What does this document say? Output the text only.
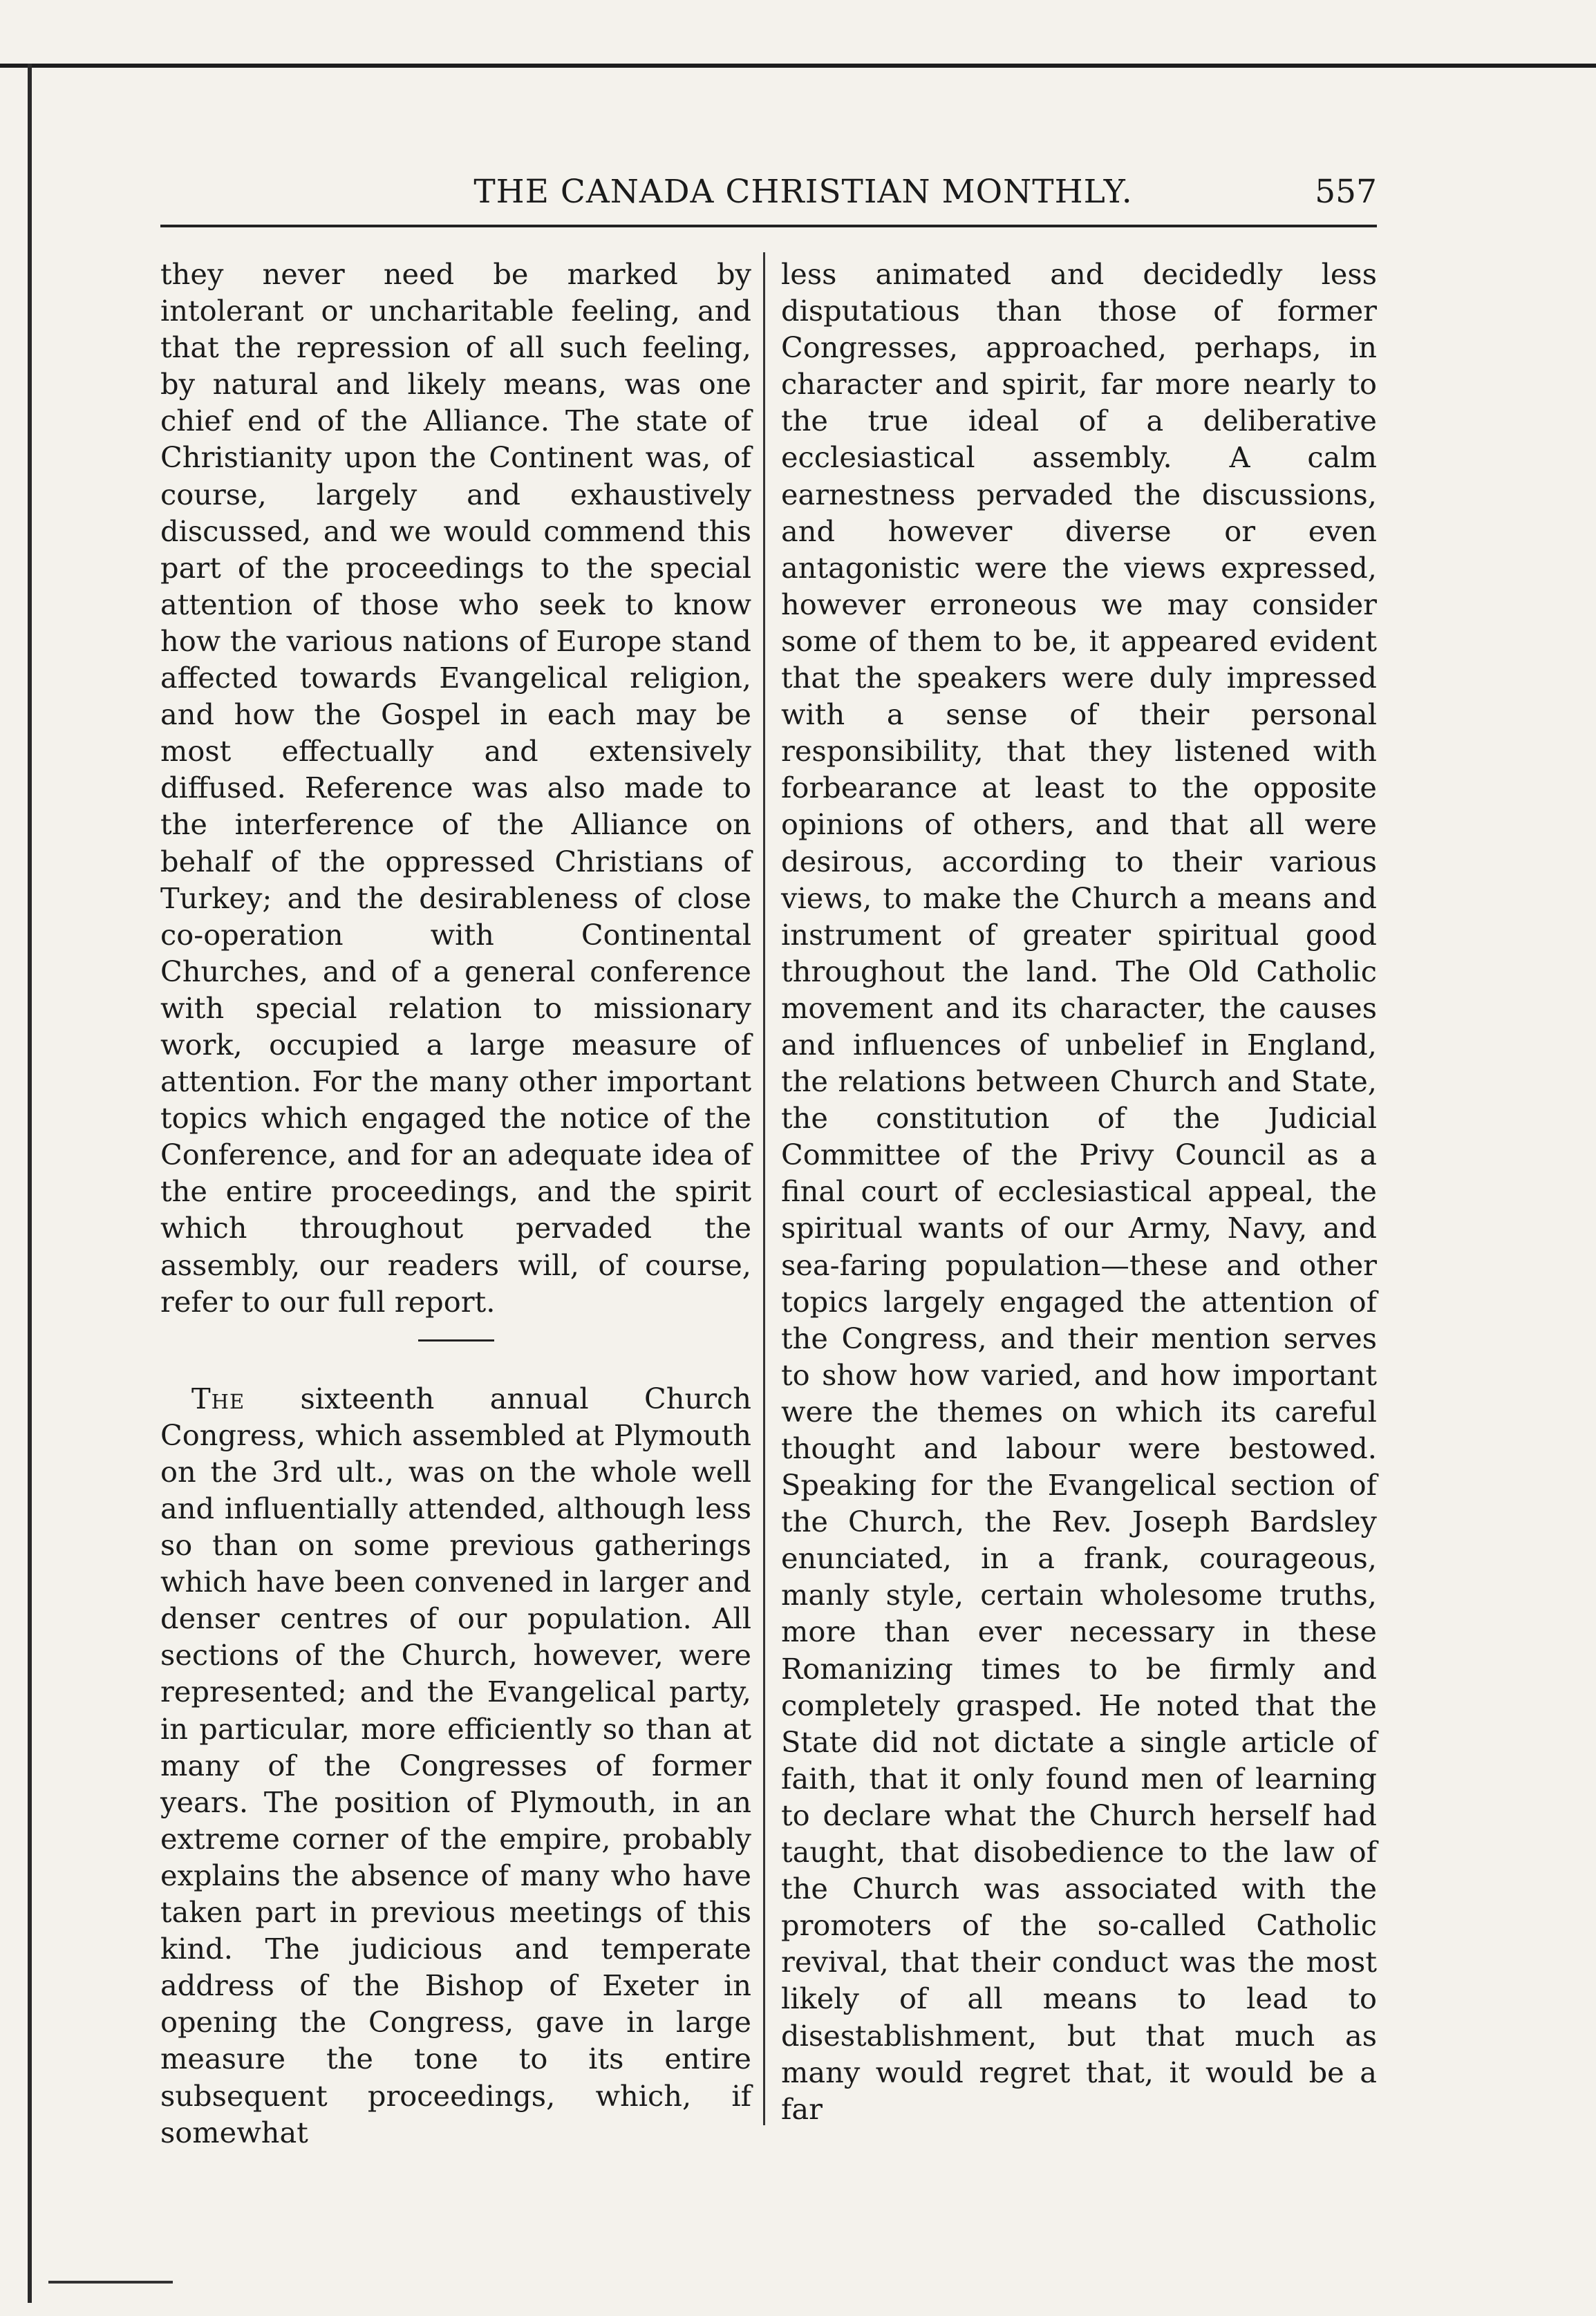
THE CANADA CHRISTIAN MONTHLY.	557

they never need be marked by intolerant or uncharitable feeling, and that the repression of all such feeling, by natural and likely means, was one chief end of the Alliance. The state of Christianity upon the Continent was, of course, largely and exhaustively discussed, and we would commend this part of the proceedings to the special attention of those who seek to know how the various nations of Europe stand affected towards Evangelical religion, and how the Gospel in each may be most effectually and extensively diffused. Reference was also made to the interference of the Alliance on behalf of the oppressed Christians of Turkey; and the desirableness of close co-operation with Continental Churches, and of a general conference with special relation to missionary work, occupied a large measure of attention. For the many other important topics which engaged the notice of the Conference, and for an adequate idea of the entire proceedings, and the spirit which throughout pervaded the assembly, our readers will, of course, refer to our full report.

The sixteenth annual Church Congress, which assembled at Plymouth on the 3rd ult., was on the whole well and influentially attended, although less so than on some previous gatherings which have been convened in larger and denser centres of our population. All sections of the Church, however, were represented; and the Evangelical party, in particular, more efficiently so than at many of the Congresses of former years. The position of Plymouth, in an extreme corner of the empire, probably explains the absence of many who have taken part in previous meetings of this kind. The judicious and temperate address of the Bishop of Exeter in opening the Congress, gave in large measure the tone to its entire subsequent proceedings, which, if somewhat

less animated and decidedly less disputatious than those of former Congresses, approached, perhaps, in character and spirit, far more nearly to the true ideal of a deliberative ecclesiastical assembly. A calm earnestness pervaded the discussions, and however diverse or even antagonistic were the views expressed, however erroneous we may consider some of them to be, it appeared evident that the speakers were duly impressed with a sense of their personal responsibility, that they listened with forbearance at least to the opposite opinions of others, and that all were desirous, according to their various views, to make the Church a means and instrument of greater spiritual good throughout the land. The Old Catholic movement and its character, the causes and influences of unbelief in England, the relations between Church and State, the constitution of the Judicial Committee of the Privy Council as a final court of ecclesiastical appeal, the spiritual wants of our Army, Navy, and sea-faring population—these and other topics largely engaged the attention of the Congress, and their mention serves to show how varied, and how important were the themes on which its careful thought and labour were bestowed. Speaking for the Evangelical section of the Church, the Rev. Joseph Bardsley enunciated, in a frank, courageous, manly style, certain wholesome truths, more than ever necessary in these Romanizing times to be firmly and completely grasped. He noted that the State did not dictate a single article of faith, that it only found men of learning to declare what the Church herself had taught, that disobedience to the law of the Church was associated with the promoters of the so-called Catholic revival, that their conduct was the most likely of all means to lead to disestablishment, but that much as many would regret that, it would be a far
